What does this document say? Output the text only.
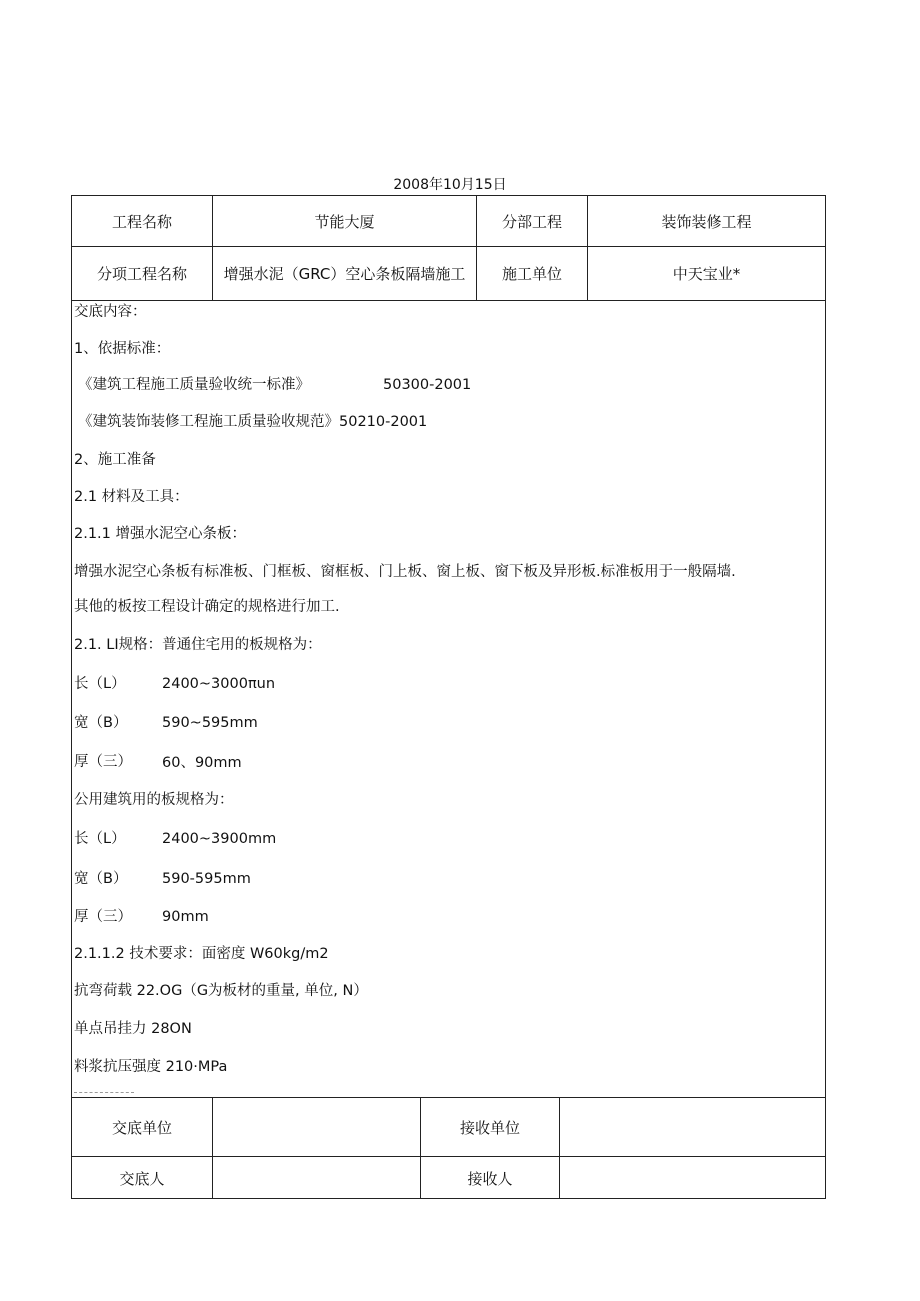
2008年10月15日
工程名称	节能大厦	分部工程	装饰装修工程
分项工程名称	增强水泥（GRC）空心条板隔墙施工	施工单位	中天宝业*
交底内容：
1、依据标准：
《建筑工程施工质量验收统一标准》	50300-2001
《建筑装饰装修工程施工质量验收规范》50210-2001
2、施工准备
2.1 材料及工具：
2.1.1 增强水泥空心条板：
增强水泥空心条板有标准板、门框板、窗框板、门上板、窗上板、窗下板及异形板.标准板用于一般隔墙.
其他的板按工程设计确定的规格进行加工.
2.1. LI规格：普通住宅用的板规格为：
长（L）	2400~3000πun
宽（B） 590~595mm
厚（三） 60、90mm
公用建筑用的板规格为：
长（L）	2400~3900mm
宽（B） 590-595mm
厚（三） 90mm
2.1.1.2 技术要求：面密度 W60kg∕m2
抗弯荷载 22.OG（G为板材的重量, 单位, N）
单点吊挂力 28ON
料浆抗压强度 210·MPa
交底单位	接收单位
交底人	接收人
